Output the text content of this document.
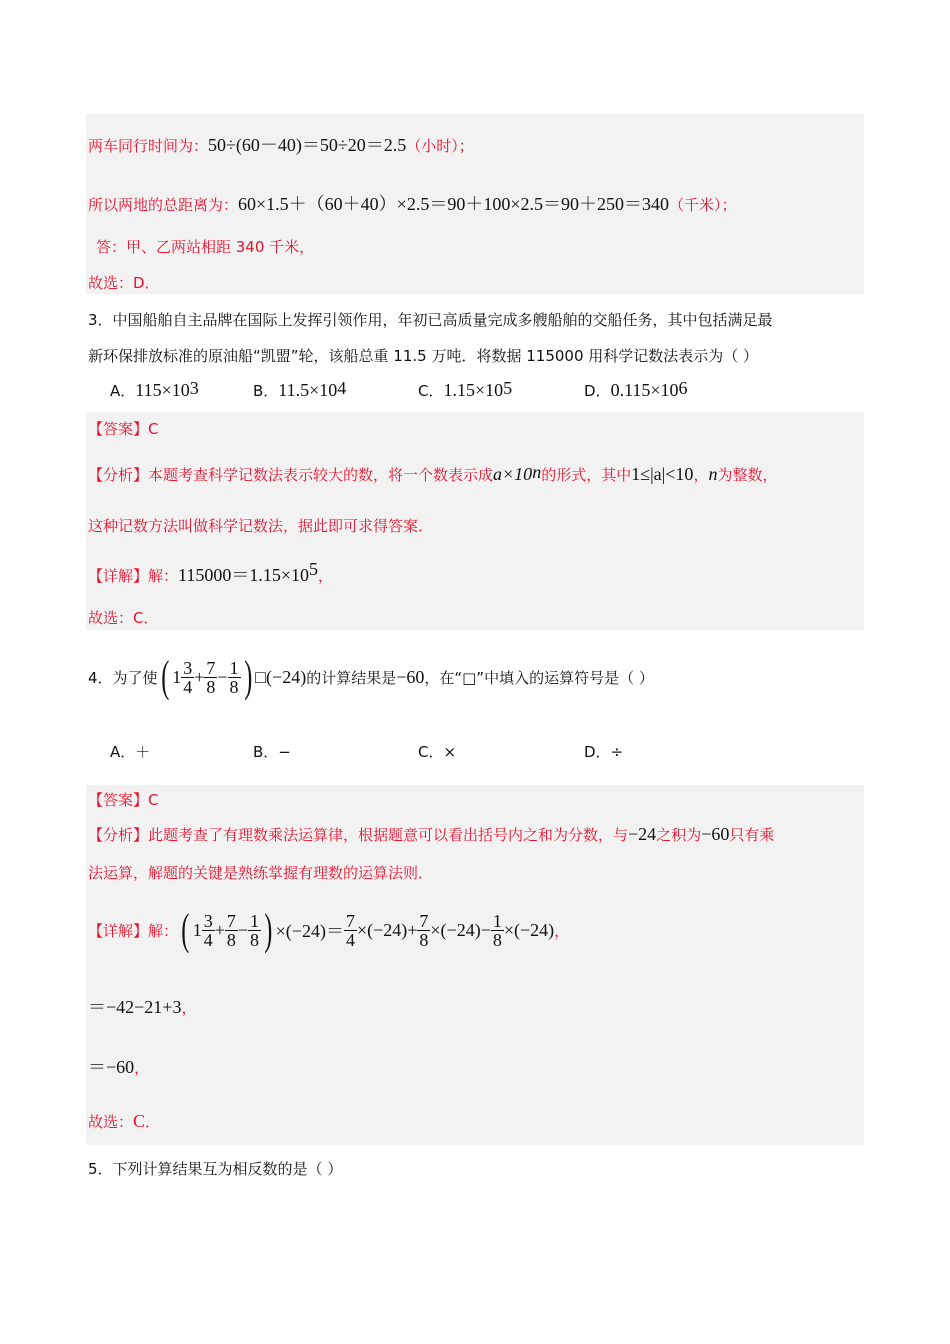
两车同行时间为：50÷(60－40)＝50÷20＝2.5（小时）；
所以两地的总距离为：60×1.5＋（60＋40）×2.5＝90＋100×2.5＝90＋250＝340（千米）；
答：甲、乙两站相距 340 千米，
故选：D．
3．中国船舶自主品牌在国际上发挥引领作用，年初已高质量完成多艘船舶的交船任务，其中包括满足最
新环保排放标准的原油船“凯盟”轮，该船总重 11.5 万吨．将数据 115000 用科学记数法表示为（ ）
A．$115\times 10^3$	B．$11.5\times 10^4$	C．$1.15\times 10^5$	D．$0.115\times 10^6$
【答案】C
【分析】本题考查科学记数法表示较大的数，将一个数表示成$a\times 10^n$的形式，其中1≤|a|<10，n为整数，
这种记数方法叫做科学记数法，据此即可求得答案．
【详解】解：$115000=1.15\times 10^5$，
故选：C．
4．为了使 ( $1 \frac{3}{4} + \frac{7}{8} - \frac{1}{8}$ ) □ (−24) 的计算结果是 −60 ，在“□”中填入的运算符号是（ ）
A．＋	B．−	C．×	D．÷
【答案】C
【分析】此题考查了有理数乘法运算律，根据题意可以看出括号内之和为分数，与−24之积为−60只有乘
法运算，解题的关键是熟练掌握有理数的运算法则．
【详解】 解： ( $1 \frac{3}{4} + \frac{7}{8} - \frac{1}{8}$ ) $\times(-24)= \frac{7}{4} \times(-24)+ \frac{7}{8} \times(-24)- \frac{1}{8} \times(-24)$ ，
＝−42−21+3，
＝−60，
故选：C．
5．下列计算结果互为相反数的是（ ）
